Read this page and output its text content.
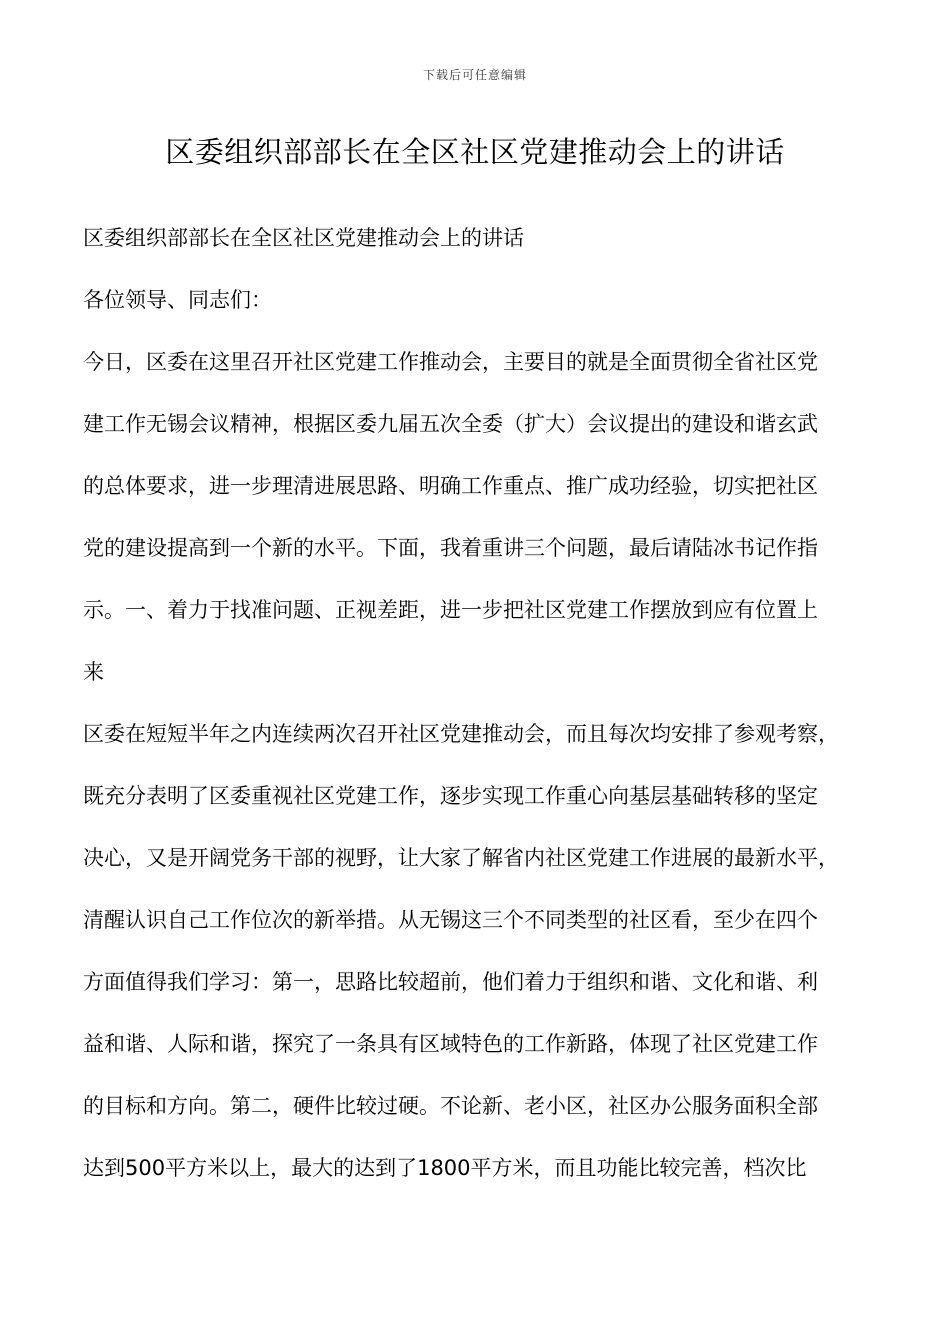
下载后可任意编辑
区委组织部部长在全区社区党建推动会上的讲话
区委组织部部长在全区社区党建推动会上的讲话
各位领导、同志们：
今日，区委在这里召开社区党建工作推动会，主要目的就是全面贯彻全省社区党
建工作无锡会议精神，根据区委九届五次全委（扩大）会议提出的建设和谐玄武
的总体要求，进一步理清进展思路、明确工作重点、推广成功经验，切实把社区
党的建设提高到一个新的水平。下面，我着重讲三个问题，最后请陆冰书记作指
示。一、着力于找准问题、正视差距，进一步把社区党建工作摆放到应有位置上
来
区委在短短半年之内连续两次召开社区党建推动会，而且每次均安排了参观考察，
既充分表明了区委重视社区党建工作，逐步实现工作重心向基层基础转移的坚定
决心，又是开阔党务干部的视野，让大家了解省内社区党建工作进展的最新水平，
清醒认识自己工作位次的新举措。从无锡这三个不同类型的社区看，至少在四个
方面值得我们学习：第一，思路比较超前，他们着力于组织和谐、文化和谐、利
益和谐、人际和谐，探究了一条具有区域特色的工作新路，体现了社区党建工作
的目标和方向。第二，硬件比较过硬。不论新、老小区，社区办公服务面积全部
达到500平方米以上，最大的达到了1800平方米，而且功能比较完善，档次比
